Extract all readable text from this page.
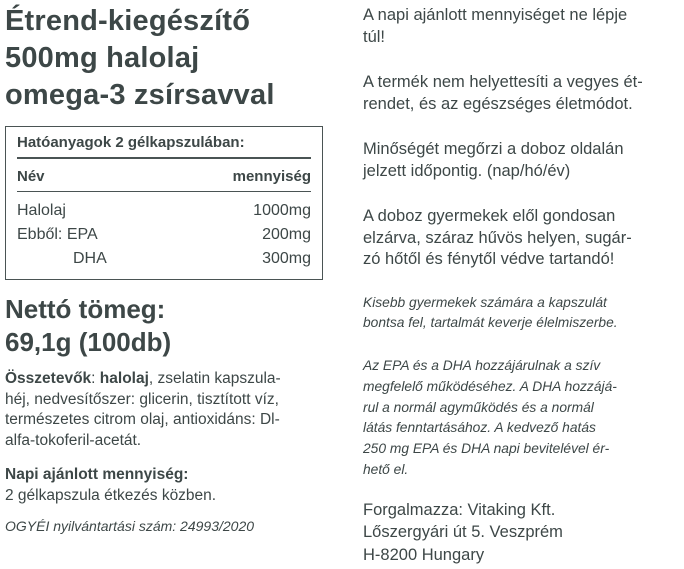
Étrend-kiegészítő
500mg halolaj
omega-3 zsírsavval
Hatóanyagok 2 gélkapszulában:
Név	mennyiség
Halolaj	1000mg
Ebből: EPA	200mg
DHA	300mg
Nettó tömeg:
69,1g (100db)
Összetevők: halolaj, zselatin kapszula-
héj, nedvesítőszer: glicerin, tisztított víz,
természetes citrom olaj, antioxidáns: Dl-
alfa-tokoferil-acetát.
Napi ajánlott mennyiség:
2 gélkapszula étkezés közben.
OGYÉI nyilvántartási szám: 24993/2020
A napi ajánlott mennyiséget ne lépje
túl!
A termék nem helyettesíti a vegyes ét-
rendet, és az egészséges életmódot.
Minőségét megőrzi a doboz oldalán
jelzett időpontig. (nap/hó/év)
A doboz gyermekek elől gondosan
elzárva, száraz hűvös helyen, sugár-
zó hőtől és fénytől védve tartandó!
Kisebb gyermekek számára a kapszulát
bontsa fel, tartalmát keverje élelmiszerbe.
Az EPA és a DHA hozzájárulnak a szív
megfelelő működéséhez. A DHA hozzájá-
rul a normál agyműködés és a normál
látás fenntartásához. A kedvező hatás
250 mg EPA és DHA napi bevitelével ér-
hető el.
Forgalmazza: Vitaking Kft.
Lőszergyári út 5. Veszprém
H-8200 Hungary
